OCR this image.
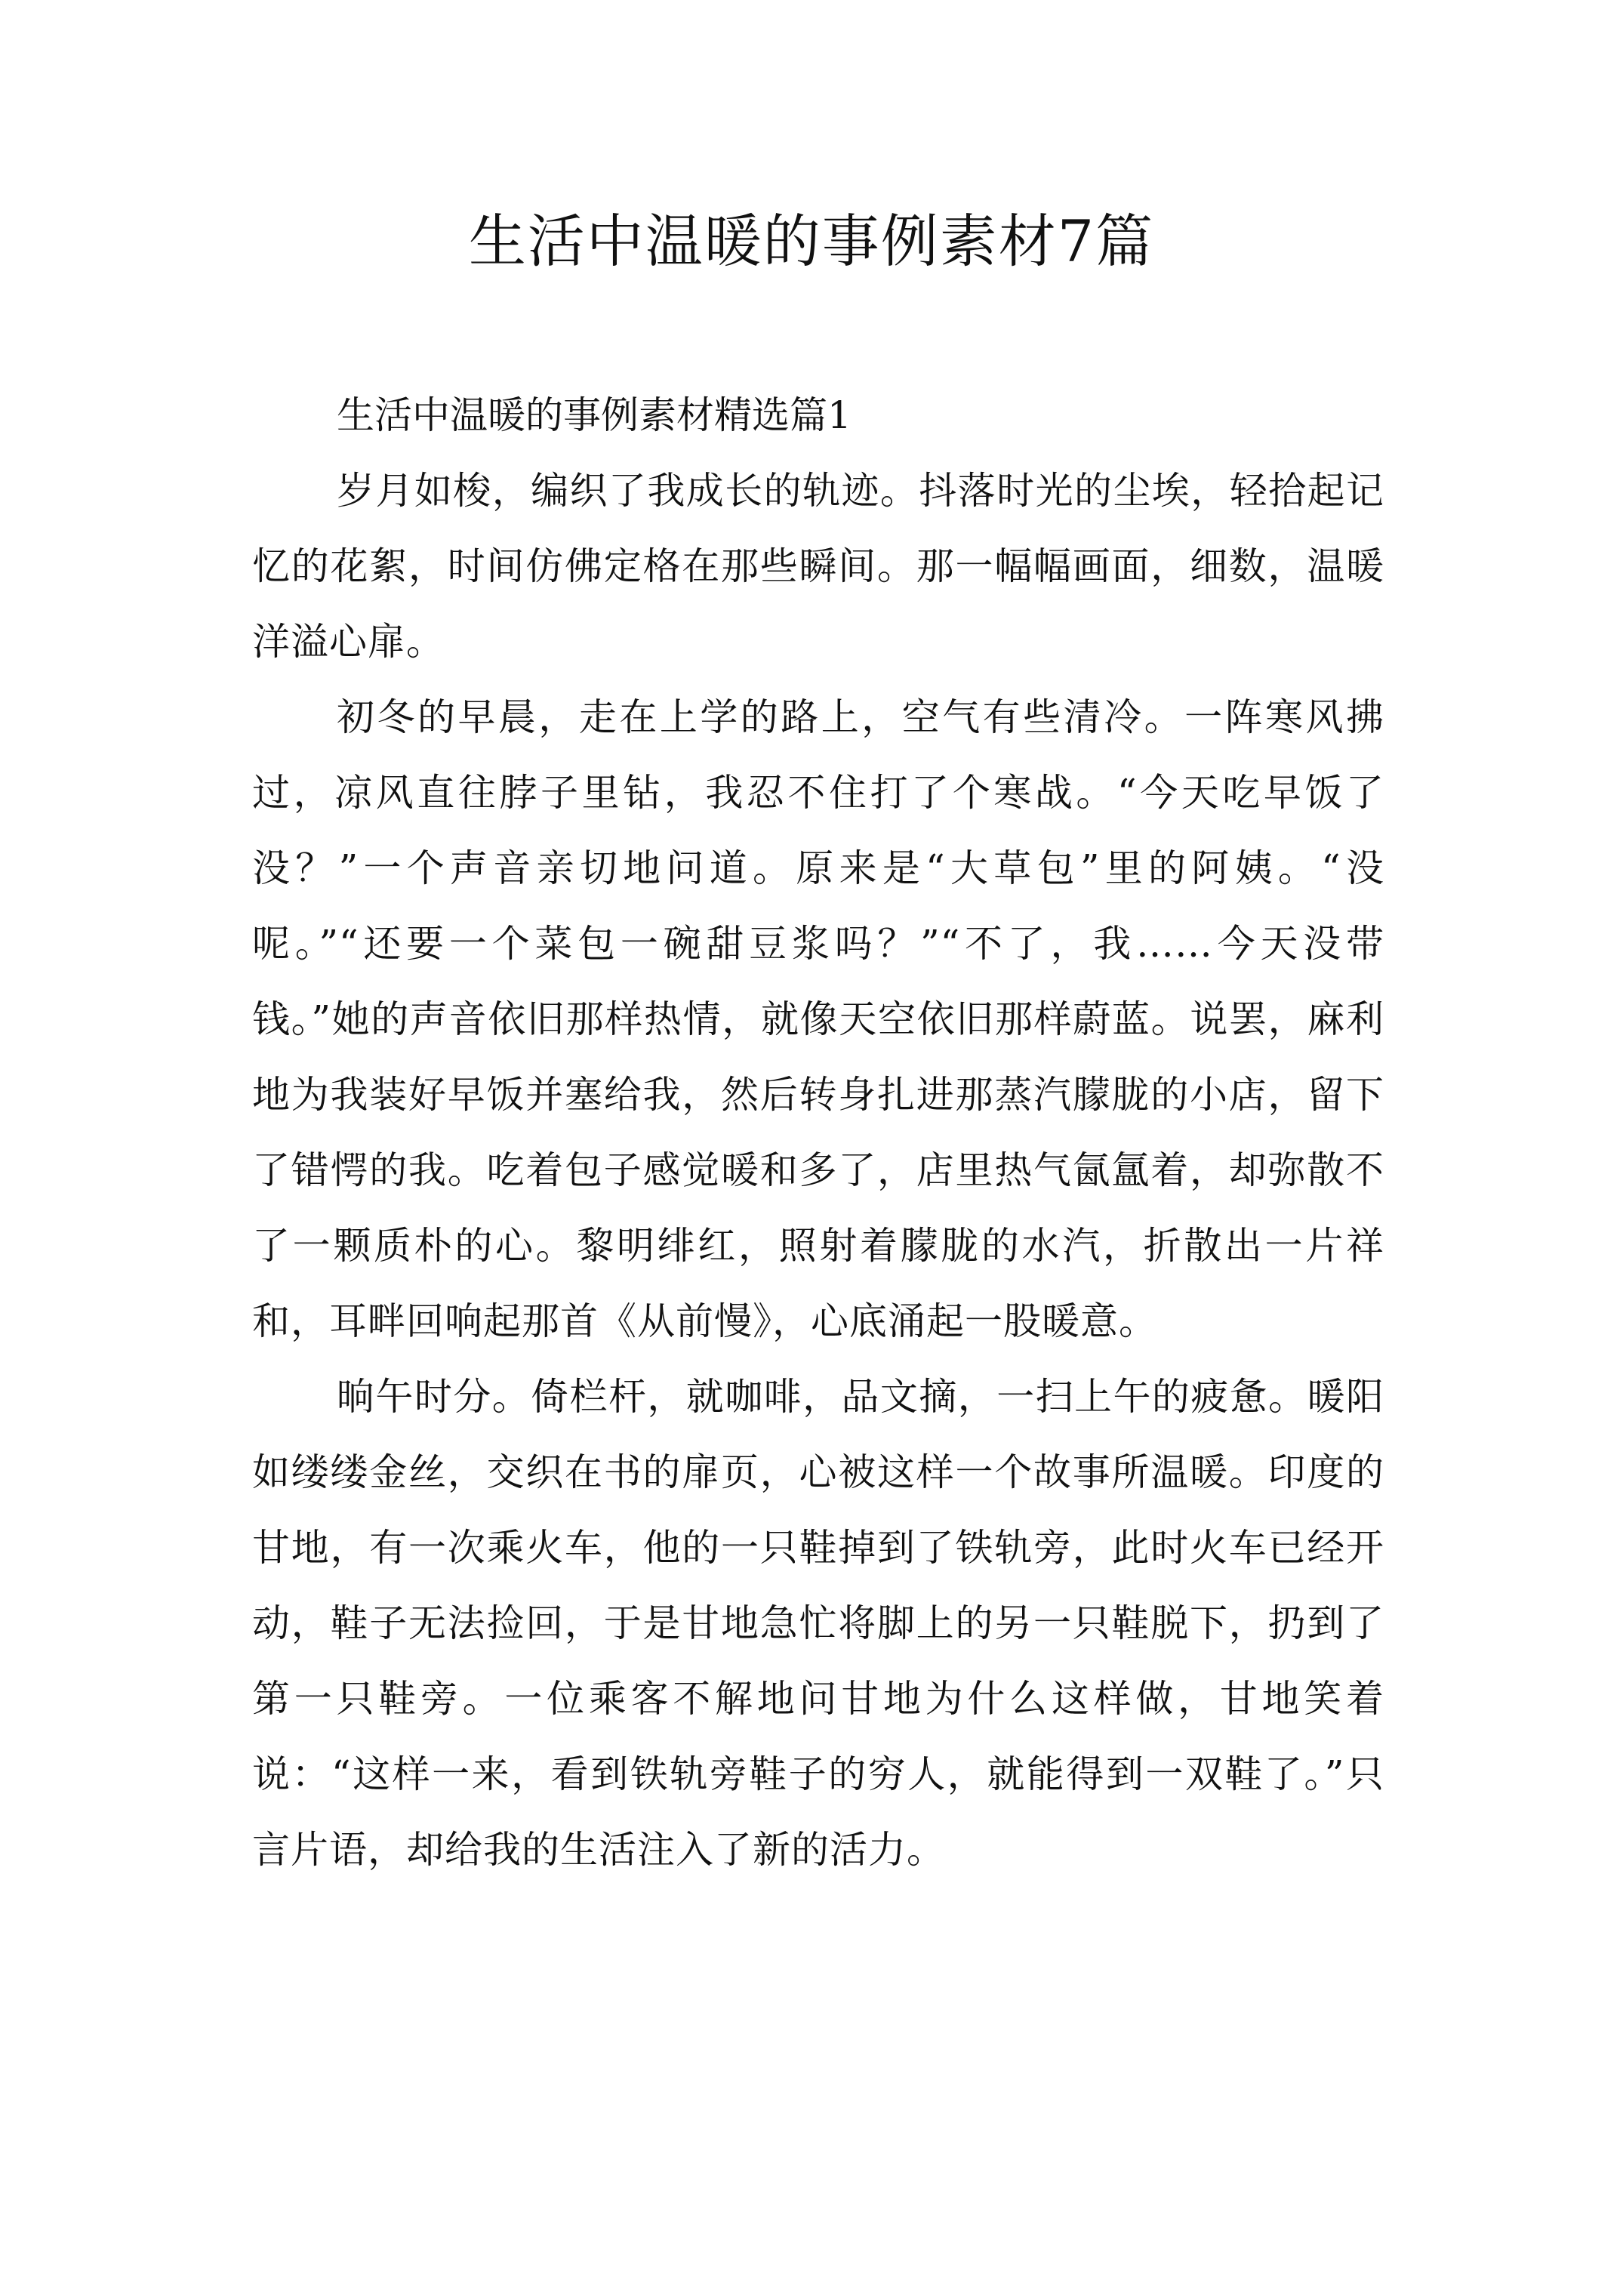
生活中温暖的事例素材7篇

生活中温暖的事例素材精选篇1

岁月如梭，编织了我成长的轨迹。抖落时光的尘埃，轻拾起记忆的花絮，时间仿佛定格在那些瞬间。那一幅幅画面，细数，温暖洋溢心扉。

初冬的早晨，走在上学的路上，空气有些清冷。一阵寒风拂过，凉风直往脖子里钻，我忍不住打了个寒战。“今天吃早饭了没？”一个声音亲切地问道。原来是“大草包”里的阿姨。“没呢。”“还要一个菜包一碗甜豆浆吗？”“不了，我……今天没带钱。”她的声音依旧那样热情，就像天空依旧那样蔚蓝。说罢，麻利地为我装好早饭并塞给我，然后转身扎进那蒸汽朦胧的小店，留下了错愕的我。吃着包子感觉暖和多了，店里热气氤氲着，却弥散不了一颗质朴的心。黎明绯红，照射着朦胧的水汽，折散出一片祥和，耳畔回响起那首《从前慢》，心底涌起一股暖意。

晌午时分。倚栏杆，就咖啡，品文摘，一扫上午的疲惫。暖阳如缕缕金丝，交织在书的扉页，心被这样一个故事所温暖。印度的甘地，有一次乘火车，他的一只鞋掉到了铁轨旁，此时火车已经开动，鞋子无法捡回，于是甘地急忙将脚上的另一只鞋脱下，扔到了第一只鞋旁。一位乘客不解地问甘地为什么这样做，甘地笑着说：“这样一来，看到铁轨旁鞋子的穷人，就能得到一双鞋了。”只言片语，却给我的生活注入了新的活力。
